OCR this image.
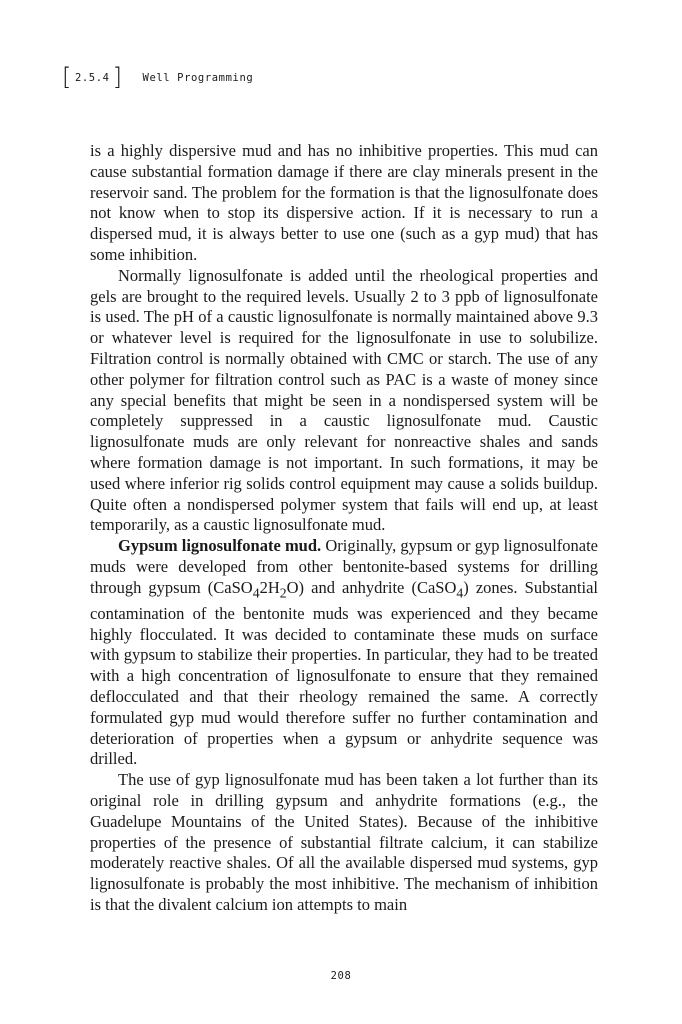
[ 2.5.4 ] Well Programming

is a highly dispersive mud and has no inhibitive properties. This mud can cause substantial formation damage if there are clay minerals present in the reservoir sand. The problem for the formation is that the lignosulfonate does not know when to stop its dispersive action. If it is necessary to run a dispersed mud, it is always better to use one (such as a gyp mud) that has some inhibition.

Normally lignosulfonate is added until the rheological properties and gels are brought to the required levels. Usually 2 to 3 ppb of lignosulfonate is used. The pH of a caustic lignosulfonate is normally maintained above 9.3 or whatever level is required for the lignosulfonate in use to solubilize. Filtration control is normally obtained with CMC or starch. The use of any other polymer for filtration control such as PAC is a waste of money since any special benefits that might be seen in a nondispersed system will be completely suppressed in a caustic lignosulfonate mud. Caustic lignosulfonate muds are only relevant for nonreactive shales and sands where formation damage is not important. In such formations, it may be used where inferior rig solids control equipment may cause a solids buildup. Quite often a nondispersed polymer system that fails will end up, at least temporarily, as a caustic lignosulfonate mud.

Gypsum lignosulfonate mud. Originally, gypsum or gyp lignosulfonate muds were developed from other bentonite-based systems for drilling through gypsum $(CaSO_42H_2O)$ and anhydrite (CaSO$_4$) zones. Substantial contamination of the bentonite muds was experienced and they became highly flocculated. It was decided to contaminate these muds on surface with gypsum to stabilize their properties. In particular, they had to be treated with a high concentration of lignosulfonate to ensure that they remained deflocculated and that their rheology remained the same. A correctly formulated gyp mud would therefore suffer no further contamination and deterioration of properties when a gypsum or anhydrite sequence was drilled.

The use of gyp lignosulfonate mud has been taken a lot further than its original role in drilling gypsum and anhydrite formations (e.g., the Guadelupe Mountains of the United States). Because of the inhibitive properties of the presence of substantial filtrate calcium, it can stabilize moderately reactive shales. Of all the available dispersed mud systems, gyp lignosulfonate is probably the most inhibitive. The mechanism of inhibition is that the divalent calcium ion attempts to main

208
